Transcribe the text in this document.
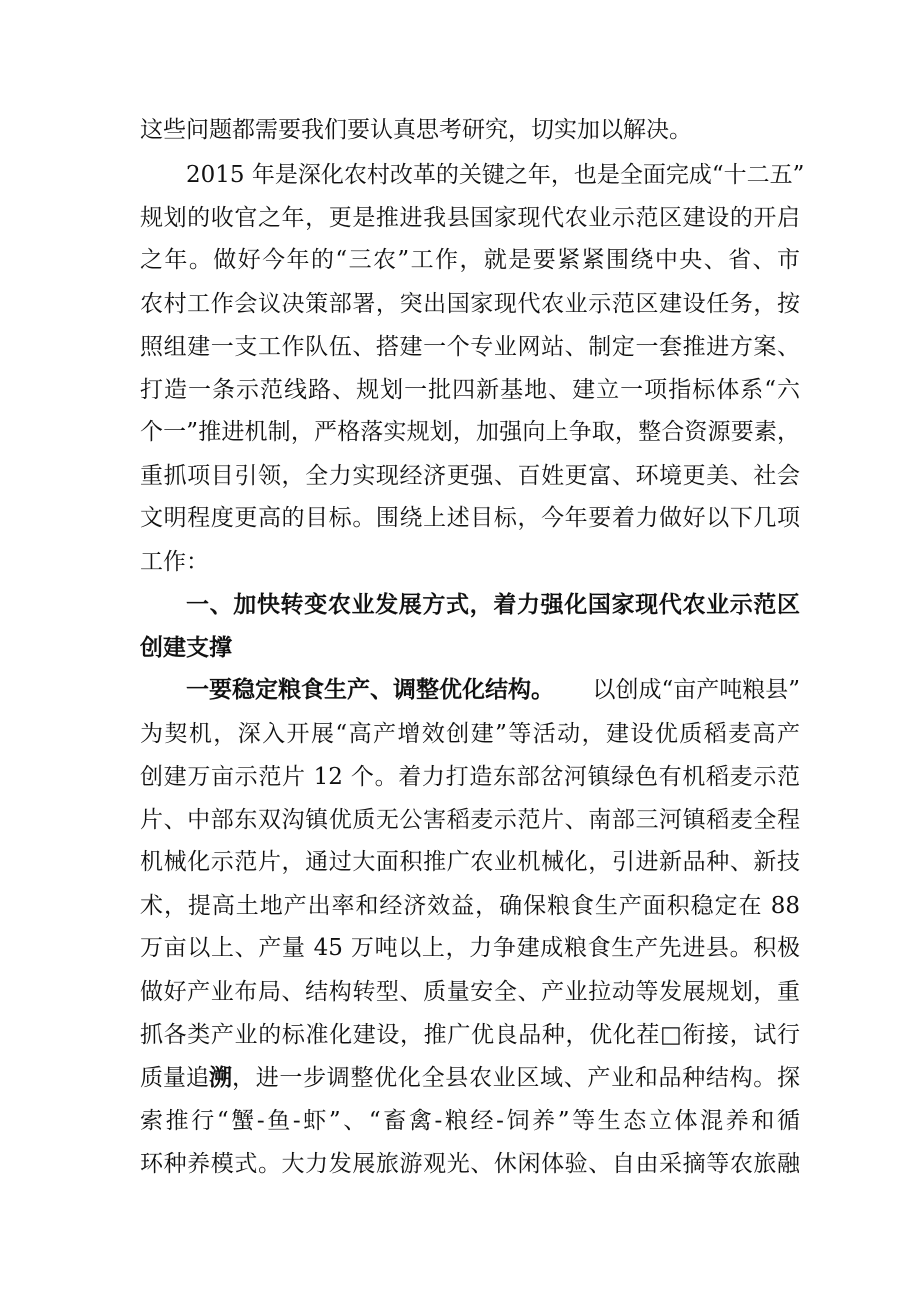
这些问题都需要我们要认真思考研究，切实加以解决。
2015 年是深化农村改革的关键之年，也是全面完成“十二五”
规划的收官之年，更是推进我县国家现代农业示范区建设的开启
之年。做好今年的“三农”工作，就是要紧紧围绕中央、省、市
农村工作会议决策部署，突出国家现代农业示范区建设任务，按
照组建一支工作队伍、搭建一个专业网站、制定一套推进方案、
打造一条示范线路、规划一批四新基地、建立一项指标体系“六
个一”推进机制，严格落实规划，加强向上争取，整合资源要素，
重抓项目引领，全力实现经济更强、百姓更富、环境更美、社会
文明程度更高的目标。围绕上述目标，今年要着力做好以下几项
工作：
一、加快转变农业发展方式，着力强化国家现代农业示范区
创建支撑
一要稳定粮食生产、调整优化结构。 以创成“亩产吨粮县”
为契机，深入开展“高产增效创建”等活动，建设优质稻麦高产
创建万亩示范片 12 个。着力打造东部岔河镇绿色有机稻麦示范
片、中部东双沟镇优质无公害稻麦示范片、南部三河镇稻麦全程
机械化示范片，通过大面积推广农业机械化，引进新品种、新技
术，提高土地产出率和经济效益，确保粮食生产面积稳定在 88
万亩以上、产量 45 万吨以上，力争建成粮食生产先进县。积极
做好产业布局、结构转型、质量安全、产业拉动等发展规划，重
抓各类产业的标准化建设，推广优良品种，优化茬□衔接，试行
质量追 溯 ，进一步调整优化全县农业区域、产业和品种结构。探
索推行“蟹-鱼-虾”、“畜禽-粮经-饲养”等生态立体混养和循
环种养模式。大力发展旅游观光、休闲体验、自由采摘等农旅融
